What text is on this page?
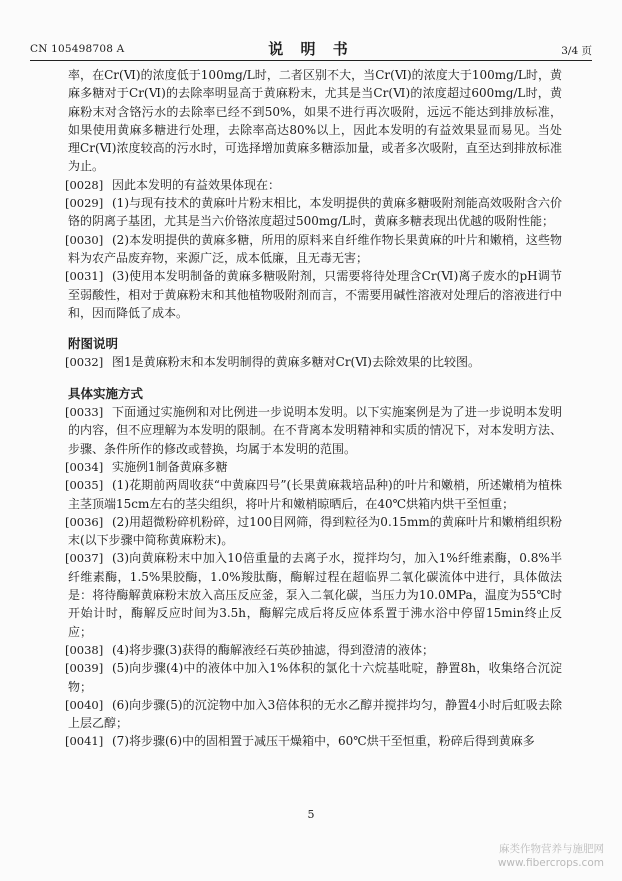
CN 105498708 A	说 明 书	3/4 页

率，在Cr(Ⅵ)的浓度低于100mg/L时，二者区别不大，当Cr(Ⅵ)的浓度大于100mg/L时，黄麻多糖对于Cr(Ⅵ)的去除率明显高于黄麻粉末，尤其是当Cr(Ⅵ)的浓度超过600mg/L时，黄麻粉末对含铬污水的去除率已经不到50%，如果不进行再次吸附，远远不能达到排放标准，如果使用黄麻多糖进行处理，去除率高达80%以上，因此本发明的有益效果显而易见。当处理Cr(Ⅵ)浓度较高的污水时，可选择增加黄麻多糖添加量，或者多次吸附，直至达到排放标准为止。

[0028] 因此本发明的有益效果体现在：
[0029] (1)与现有技术的黄麻叶片粉末相比，本发明提供的黄麻多糖吸附剂能高效吸附含六价铬的阴离子基团，尤其是当六价铬浓度超过500mg/L时，黄麻多糖表现出优越的吸附性能；
[0030] (2)本发明提供的黄麻多糖，所用的原料来自纤维作物长果黄麻的叶片和嫩梢，这些物料为农产品废弃物，来源广泛，成本低廉，且无毒无害；
[0031] (3)使用本发明制备的黄麻多糖吸附剂，只需要将待处理含Cr(Ⅵ)离子废水的pH调节至弱酸性，相对于黄麻粉末和其他植物吸附剂而言，不需要用碱性溶液对处理后的溶液进行中和，因而降低了成本。
附图说明
[0032] 图1是黄麻粉末和本发明制得的黄麻多糖对Cr(Ⅵ)去除效果的比较图。
具体实施方式
[0033] 下面通过实施例和对比例进一步说明本发明。以下实施案例是为了进一步说明本发明的内容，但不应理解为本发明的限制。在不背离本发明精神和实质的情况下，对本发明方法、步骤、条件所作的修改或替换，均属于本发明的范围。
[0034] 实施例1制备黄麻多糖
[0035] (1)花期前两周收获“中黄麻四号”(长果黄麻栽培品种)的叶片和嫩梢，所述嫩梢为植株主茎顶端15cm左右的茎尖组织，将叶片和嫩梢晾晒后，在40℃烘箱内烘干至恒重；
[0036] (2)用超微粉碎机粉碎，过100目网筛，得到粒径为0.15mm的黄麻叶片和嫩梢组织粉末(以下步骤中简称黄麻粉末)。
[0037] (3)向黄麻粉末中加入10倍重量的去离子水，搅拌均匀，加入1%纤维素酶，0.8%半纤维素酶，1.5%果胶酶，1.0%羧肽酶，酶解过程在超临界二氧化碳流体中进行，具体做法是：将待酶解黄麻粉末放入高压反应釜，泵入二氧化碳，当压力为10.0MPa，温度为55℃时开始计时，酶解反应时间为3.5h，酶解完成后将反应体系置于沸水浴中停留15min终止反应；
[0038] (4)将步骤(3)获得的酶解液经石英砂抽滤，得到澄清的液体；
[0039] (5)向步骤(4)中的液体中加入1%体积的氯化十六烷基吡啶，静置8h，收集络合沉淀物；
[0040] (6)向步骤(5)的沉淀物中加入3倍体积的无水乙醇并搅拌均匀，静置4小时后虹吸去除上层乙醇；
[0041] (7)将步骤(6)中的固相置于减压干燥箱中，60℃烘干至恒重，粉碎后得到黄麻多
5
麻类作物营养与施肥网
www.fibercrops.com
